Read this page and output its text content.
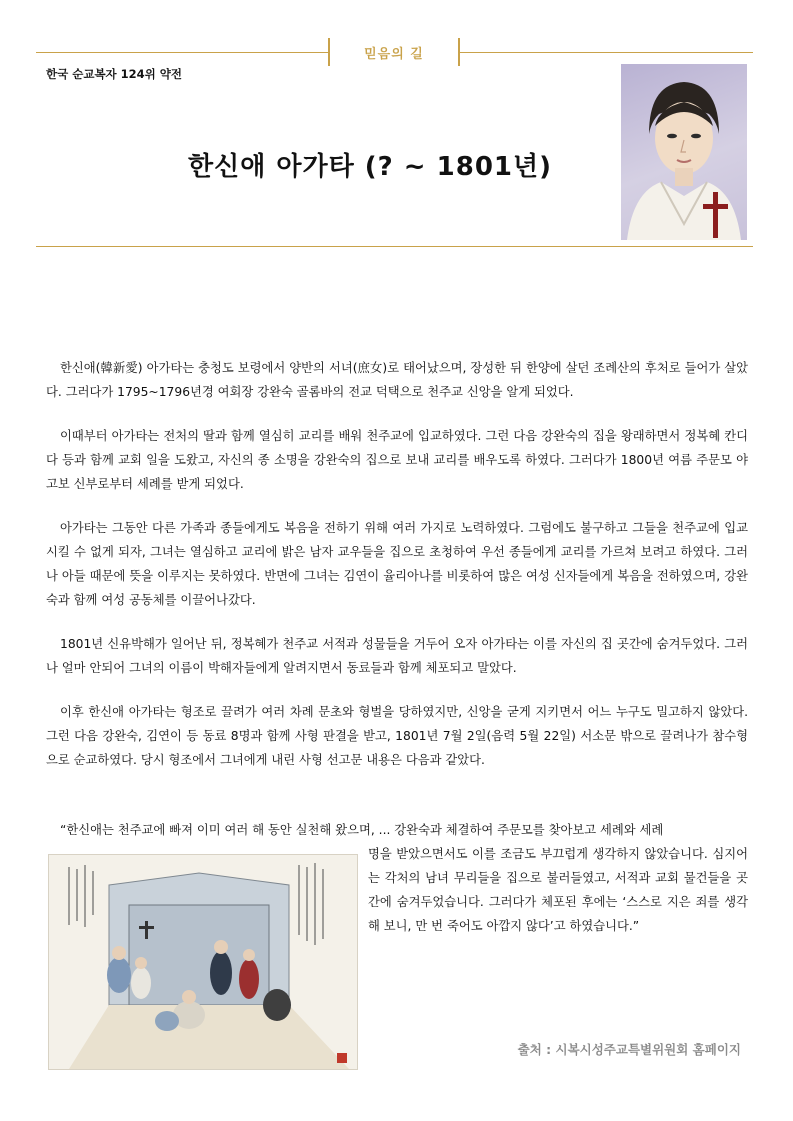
믿음의 길
한국 순교복자 124위 약전
한신애 아가타 (? ~ 1801년)

한신애(韓新愛) 아가타는 충청도 보령에서 양반의 서녀(庶女)로 태어났으며, 장성한 뒤 한양에 살던 조례산의 후처로 들어가 살았다. 그러다가 1795~1796년경 여회장 강완숙 골롬바의 전교 덕택으로 천주교 신앙을 알게 되었다.

이때부터 아가타는 전처의 딸과 함께 열심히 교리를 배워 천주교에 입교하였다. 그런 다음 강완숙의 집을 왕래하면서 정복혜 칸디다 등과 함께 교회 일을 도왔고, 자신의 종 소명을 강완숙의 집으로 보내 교리를 배우도록 하였다. 그러다가 1800년 여름 주문모 야고보 신부로부터 세례를 받게 되었다.

아가타는 그동안 다른 가족과 종들에게도 복음을 전하기 위해 여러 가지로 노력하였다. 그럼에도 불구하고 그들을 천주교에 입교시킬 수 없게 되자, 그녀는 열심하고 교리에 밝은 남자 교우들을 집으로 초청하여 우선 종들에게 교리를 가르쳐 보려고 하였다. 그러나 아들 때문에 뜻을 이루지는 못하였다. 반면에 그녀는 김연이 율리아나를 비롯하여 많은 여성 신자들에게 복음을 전하였으며, 강완숙과 함께 여성 공동체를 이끌어나갔다.

1801년 신유박해가 일어난 뒤, 정복혜가 천주교 서적과 성물들을 거두어 오자 아가타는 이를 자신의 집 곳간에 숨겨두었다. 그러나 얼마 안되어 그녀의 이름이 박해자들에게 알려지면서 동료들과 함께 체포되고 말았다.

이후 한신애 아가타는 형조로 끌려가 여러 차례 문초와 형벌을 당하였지만, 신앙을 굳게 지키면서 어느 누구도 밀고하지 않았다. 그런 다음 강완숙, 김연이 등 동료 8명과 함께 사형 판결을 받고, 1801년 7월 2일(음력 5월 22일) 서소문 밖으로 끌려나가 참수형으로 순교하였다. 당시 형조에서 그녀에게 내린 사형 선고문 내용은 다음과 같았다.

“한신애는 천주교에 빠져 이미 여러 해 동안 실천해 왔으며, ... 강완숙과 체결하여 주문모를 찾아보고 세례와 세례
명을 받았으면서도 이를 조금도 부끄럽게 생각하지 않았습니다. 심지어는 각처의 남녀 무리들을 집으로 불러들였고, 서적과 교회 물건들을 곳간에 숨겨두었습니다. 그러다가 체포된 후에는 ‘스스로 지은 죄를 생각해 보니, 만 번 죽어도 아깝지 않다’고 하였습니다.”
출처 : 시복시성주교특별위원회 홈페이지
